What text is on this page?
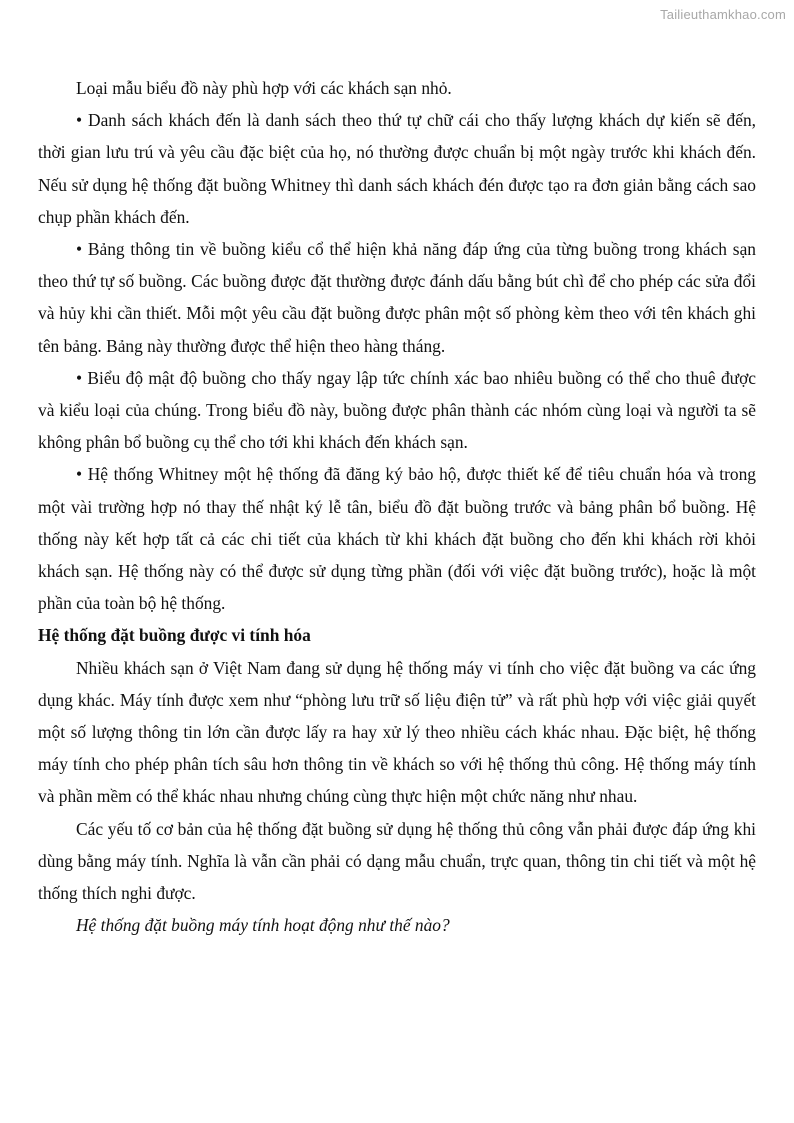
Tailieuthamkhao.com

Loại mẫu biểu đồ này phù hợp với các khách sạn nhỏ.

• Danh sách khách đến là danh sách theo thứ tự chữ cái cho thấy lượng khách dự kiến sẽ đến, thời gian lưu trú và yêu cầu đặc biệt của họ, nó thường được chuẩn bị một ngày trước khi khách đến. Nếu sử dụng hệ thống đặt buồng Whitney thì danh sách khách đén được tạo ra đơn giản bằng cách sao chụp phần khách đến.

• Bảng thông tin về buồng kiểu cổ thể hiện khả năng đáp ứng của từng buồng trong khách sạn theo thứ tự số buồng. Các buồng được đặt thường được đánh dấu bằng bút chì để cho phép các sửa đổi và hủy khi cần thiết. Mỗi một yêu cầu đặt buồng được phân một số phòng kèm theo với tên khách ghi tên bảng. Bảng này thường được thể hiện theo hàng tháng.

• Biểu độ mật độ buồng cho thấy ngay lập tức chính xác bao nhiêu buồng có thể cho thuê được và kiểu loại của chúng. Trong biểu đồ này, buồng được phân thành các nhóm cùng loại và người ta sẽ không phân bổ buồng cụ thể cho tới khi khách đến khách sạn.

• Hệ thống Whitney một hệ thống đã đăng ký bảo hộ, được thiết kế để tiêu chuẩn hóa và trong một vài trường hợp nó thay thế nhật ký lễ tân, biểu đồ đặt buồng trước và bảng phân bổ buồng. Hệ thống này kết hợp tất cả các chi tiết của khách từ khi khách đặt buồng cho đến khi khách rời khỏi khách sạn. Hệ thống này có thể được sử dụng từng phần (đối với việc đặt buồng trước), hoặc là một phần của toàn bộ hệ thống.

Hệ thống đặt buồng được vi tính hóa

Nhiều khách sạn ở Việt Nam đang sử dụng hệ thống máy vi tính cho việc đặt buồng va các ứng dụng khác. Máy tính được xem như “phòng lưu trữ số liệu điện tử” và rất phù hợp với việc giải quyết một số lượng thông tin lớn cần được lấy ra hay xử lý theo nhiều cách khác nhau. Đặc biệt, hệ thống máy tính cho phép phân tích sâu hơn thông tin về khách so với hệ thống thủ công. Hệ thống máy tính và phần mềm có thể khác nhau nhưng chúng cùng thực hiện một chức năng như nhau.

Các yếu tố cơ bản của hệ thống đặt buồng sử dụng hệ thống thủ công vẫn phải được đáp ứng khi dùng bằng máy tính. Nghĩa là vẫn cần phải có dạng mẫu chuẩn, trực quan, thông tin chi tiết và một hệ thống thích nghi được.

Hệ thống đặt buồng máy tính hoạt động như thế nào?
